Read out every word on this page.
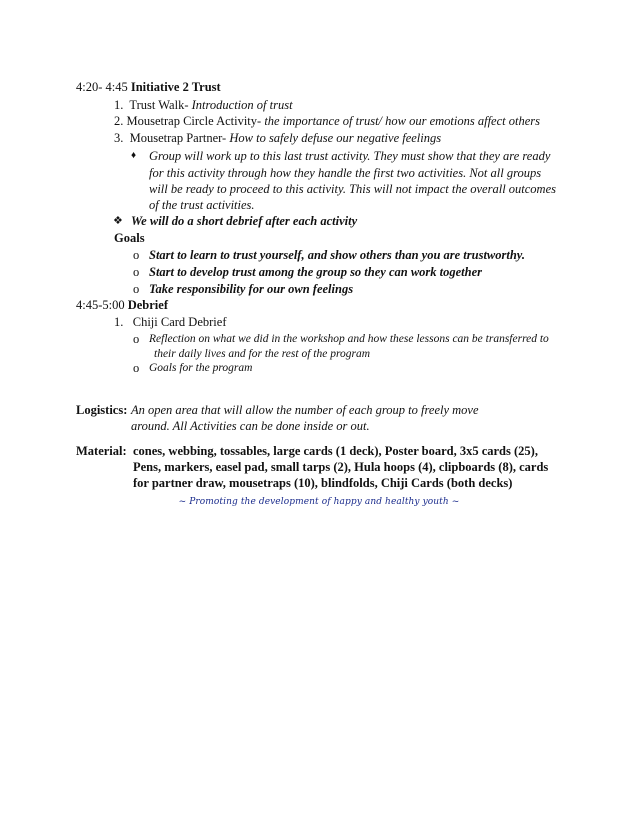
4:20- 4:45 Initiative 2 Trust
1. Trust Walk- Introduction of trust
2. Mousetrap Circle Activity- the importance of trust/ how our emotions affect others
3. Mousetrap Partner- How to safely defuse our negative feelings
♦ Group will work up to this last trust activity. They must show that they are ready
for this activity through how they handle the first two activities. Not all groups
will be ready to proceed to this activity. This will not impact the overall outcomes
of the trust activities.
❖ We will do a short debrief after each activity
Goals
o Start to learn to trust yourself, and show others than you are trustworthy.
o Start to develop trust among the group so they can work together
o Take responsibility for our own feelings
4:45-5:00 Debrief
1. Chiji Card Debrief
o Reflection on what we did in the workshop and how these lessons can be transferred to
their daily lives and for the rest of the program
o Goals for the program
Logistics: An open area that will allow the number of each group to freely move
around. All Activities can be done inside or out.
Material: cones, webbing, tossables, large cards (1 deck), Poster board, 3x5 cards (25),
Pens, markers, easel pad, small tarps (2), Hula hoops (4), clipboards (8), cards
for partner draw, mousetraps (10), blindfolds, Chiji Cards (both decks)
~ Promoting the development of happy and healthy youth ~
